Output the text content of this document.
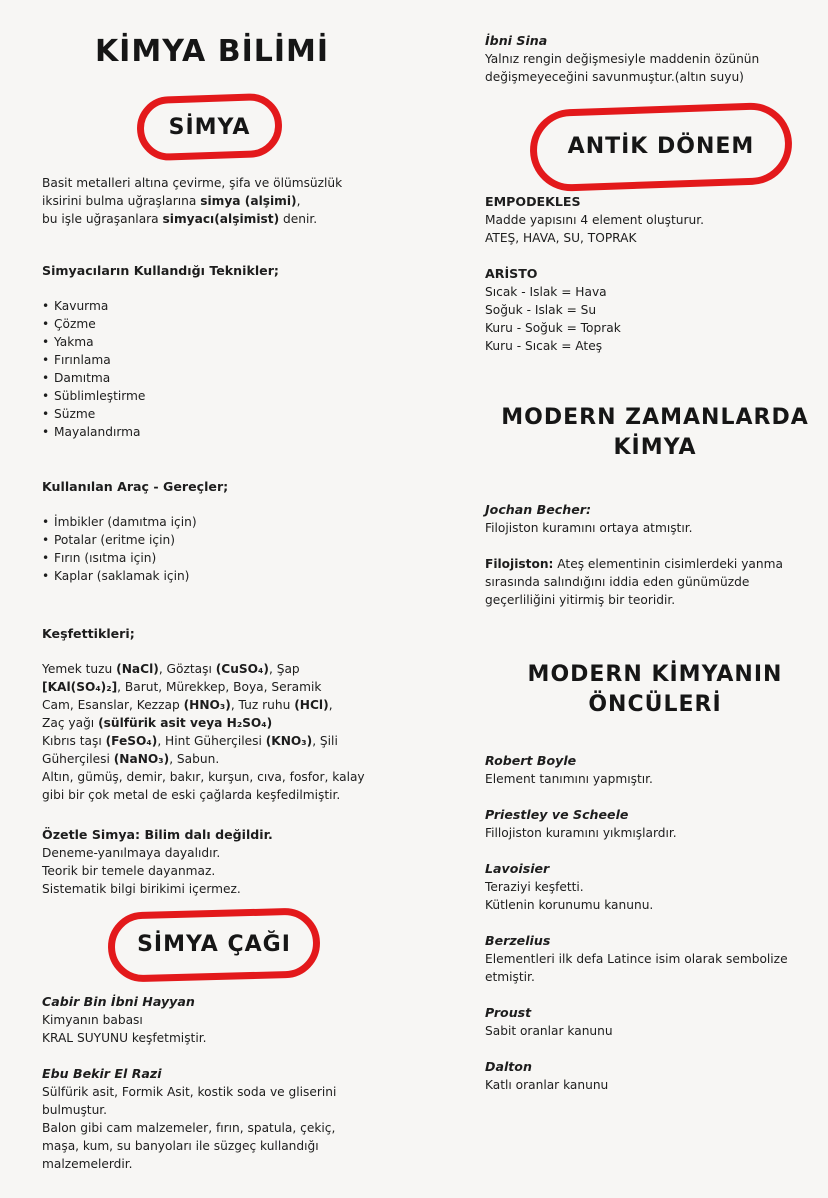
KİMYA BİLİMİ
SİMYA

Basit metalleri altına çevirme, şifa ve ölümsüzlük

iksirini bulma uğraşlarına simya (alşimi),

bu işle uğraşanlara simyacı(alşimist) denir.

Simyacıların Kullandığı Teknikler;

• Kavurma
• Çözme
• Yakma
• Fırınlama
• Damıtma
• Süblimleştirme
• Süzme
• Mayalandırma

Kullanılan Araç - Gereçler;

• İmbikler (damıtma için)
• Potalar (eritme için)
• Fırın (ısıtma için)
• Kaplar (saklamak için)

Keşfettikleri;

Yemek tuzu (NaCl), Göztaşı (CuSO₄), Şap

[KAl(SO₄)₂], Barut, Mürekkep, Boya, Seramik

Cam, Esanslar, Kezzap (HNO₃), Tuz ruhu (HCl),

Zaç yağı (sülfürik asit veya H₂SO₄)

Kıbrıs taşı (FeSO₄), Hint Güherçilesi (KNO₃), Şili

Güherçilesi (NaNO₃), Sabun.

Altın, gümüş, demir, bakır, kurşun, cıva, fosfor, kalay

gibi bir çok metal de eski çağlarda keşfedilmiştir.

Özetle Simya: Bilim dalı değildir.

Deneme-yanılmaya dayalıdır.

Teorik bir temele dayanmaz.

Sistematik bilgi birikimi içermez.

SİMYA ÇAĞI

Cabir Bin İbni Hayyan

Kimyanın babası

KRAL SUYUNU keşfetmiştir.

Ebu Bekir El Razi

Sülfürik asit, Formik Asit, kostik soda ve gliserini

bulmuştur.

Balon gibi cam malzemeler, fırın, spatula, çekiç,

maşa, kum, su banyoları ile süzgeç kullandığı

malzemelerdir.

İbni Sina

Yalnız rengin değişmesiyle maddenin özünün

değişmeyeceğini savunmuştur.(altın suyu)

ANTİK DÖNEM

EMPODEKLES

Madde yapısını 4 element oluşturur.

ATEŞ, HAVA, SU, TOPRAK

ARİSTO

Sıcak - Islak = Hava

Soğuk - Islak = Su

Kuru - Soğuk = Toprak

Kuru - Sıcak = Ateş

MODERN ZAMANLARDA
KİMYA

Jochan Becher:

Filojiston kuramını ortaya atmıştır.

Filojiston: Ateş elementinin cisimlerdeki yanma

sırasında salındığını iddia eden günümüzde

geçerliliğini yitirmiş bir teoridir.

MODERN KİMYANIN
ÖNCÜLERİ

Robert Boyle

Element tanımını yapmıştır.

Priestley ve Scheele

Fillojiston kuramını yıkmışlardır.

Lavoisier

Teraziyi keşfetti.

Kütlenin korunumu kanunu.

Berzelius

Elementleri ilk defa Latince isim olarak sembolize

etmiştir.

Proust

Sabit oranlar kanunu

Dalton

Katlı oranlar kanunu
